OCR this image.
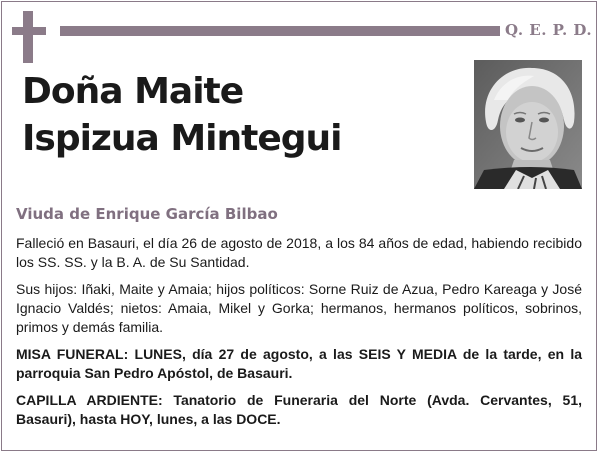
Q. E. P. D.
Doña Maite
Ispizua Mintegui
Viuda de Enrique García Bilbao

Falleció en Basauri, el día 26 de agosto de 2018, a los 84 años de edad, habiendo recibido los SS. SS. y la B. A. de Su Santidad.

Sus hijos: Iñaki, Maite y Amaia; hijos políticos: Sorne Ruiz de Azua, Pedro Kareaga y José Ignacio Valdés; nietos: Amaia, Mikel y Gorka; hermanos, hermanos políticos, sobrinos, primos y demás familia.

MISA FUNERAL: LUNES, día 27 de agosto, a las SEIS Y MEDIA de la tarde, en la parroquia San Pedro Apóstol, de Basauri.

CAPILLA ARDIENTE: Tanatorio de Funeraria del Norte (Avda. Cervantes, 51, Basauri), hasta HOY, lunes, a las DOCE.
